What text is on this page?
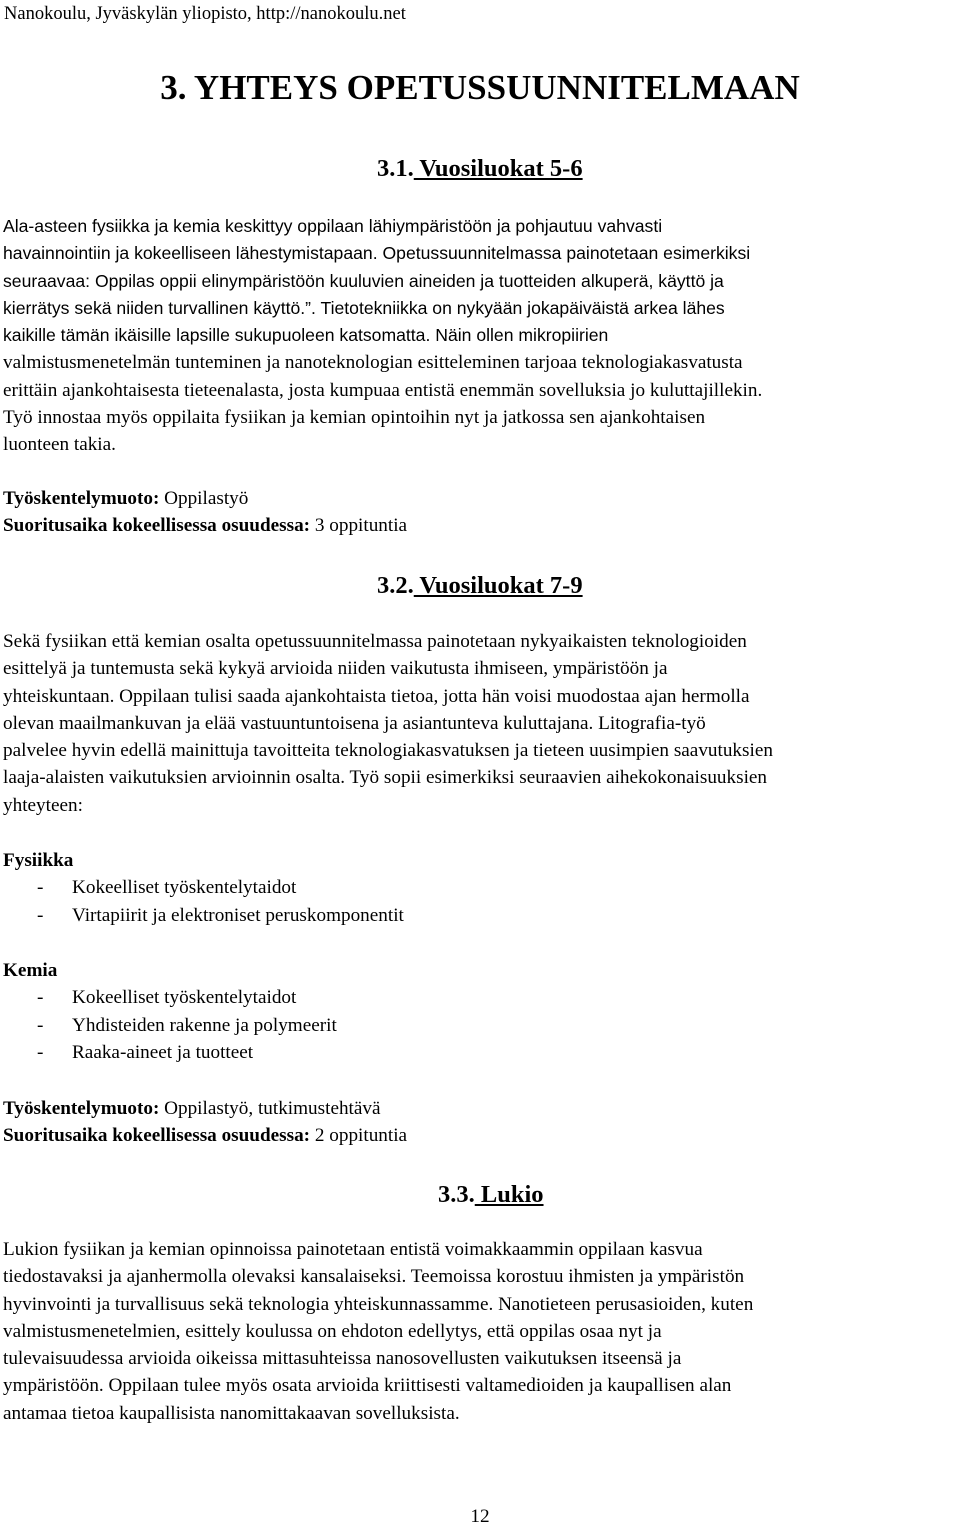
Nanokoulu, Jyväskylän yliopisto, http://nanokoulu.net
3. YHTEYS OPETUSSUUNNITELMAAN
3.1. Vuosiluokat 5-6
Ala-asteen fysiikka ja kemia keskittyy oppilaan lähiympäristöön ja pohjautuu vahvasti
havainnointiin ja kokeelliseen lähestymistapaan. Opetussuunnitelmassa painotetaan esimerkiksi
seuraavaa: Oppilas oppii elinympäristöön kuuluvien aineiden ja tuotteiden alkuperä, käyttö ja
kierrätys sekä niiden turvallinen käyttö.”. Tietotekniikka on nykyään jokapäiväistä arkea lähes
kaikille tämän ikäisille lapsille sukupuoleen katsomatta. Näin ollen mikropiirien
valmistusmenetelmän tunteminen ja nanoteknologian esitteleminen tarjoaa teknologiakasvatusta
erittäin ajankohtaisesta tieteenalasta, josta kumpuaa entistä enemmän sovelluksia jo kuluttajillekin.
Työ innostaa myös oppilaita fysiikan ja kemian opintoihin nyt ja jatkossa sen ajankohtaisen
luonteen takia.
Työskentelymuoto: Oppilastyö
Suoritusaika kokeellisessa osuudessa: 3 oppituntia
3.2. Vuosiluokat 7-9
Sekä fysiikan että kemian osalta opetussuunnitelmassa painotetaan nykyaikaisten teknologioiden
esittelyä ja tuntemusta sekä kykyä arvioida niiden vaikutusta ihmiseen, ympäristöön ja
yhteiskuntaan. Oppilaan tulisi saada ajankohtaista tietoa, jotta hän voisi muodostaa ajan hermolla
olevan maailmankuvan ja elää vastuuntuntoisena ja asiantunteva kuluttajana. Litografia-työ
palvelee hyvin edellä mainittuja tavoitteita teknologiakasvatuksen ja tieteen uusimpien saavutuksien
laaja-alaisten vaikutuksien arvioinnin osalta. Työ sopii esimerkiksi seuraavien aihekokonaisuuksien
yhteyteen:
Fysiikka
- Kokeelliset työskentelytaidot
- Virtapiirit ja elektroniset peruskomponentit
Kemia
- Kokeelliset työskentelytaidot
- Yhdisteiden rakenne ja polymeerit
- Raaka-aineet ja tuotteet
Työskentelymuoto: Oppilastyö, tutkimustehtävä
Suoritusaika kokeellisessa osuudessa: 2 oppituntia
3.3. Lukio
Lukion fysiikan ja kemian opinnoissa painotetaan entistä voimakkaammin oppilaan kasvua
tiedostavaksi ja ajanhermolla olevaksi kansalaiseksi. Teemoissa korostuu ihmisten ja ympäristön
hyvinvointi ja turvallisuus sekä teknologia yhteiskunnassamme. Nanotieteen perusasioiden, kuten
valmistusmenetelmien, esittely koulussa on ehdoton edellytys, että oppilas osaa nyt ja
tulevaisuudessa arvioida oikeissa mittasuhteissa nanosovellusten vaikutuksen itseensä ja
ympäristöön. Oppilaan tulee myös osata arvioida kriittisesti valtamedioiden ja kaupallisen alan
antamaa tietoa kaupallisista nanomittakaavan sovelluksista.
12
